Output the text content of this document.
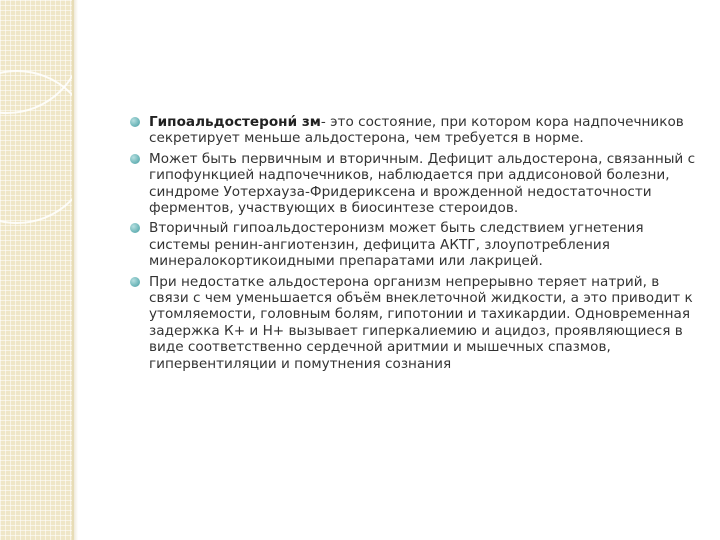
Гипоальдостерони́ зм- это состояние, при котором кора надпочечников секретирует меньше альдостерона, чем требуется в норме.
Может быть первичным и вторичным. Дефицит альдостерона, связанный с гипофункцией надпочечников, наблюдается при аддисоновой болезни, синдроме Уотерхауза-Фридериксена и врожденной недостаточности ферментов, участвующих в биосинтезе стероидов.
Вторичный гипоальдостеронизм может быть следствием угнетения системы ренин-ангиотензин, дефицита АКТГ, злоупотребления минералокортикоидными препаратами или лакрицей.
При недостатке альдостерона организм непрерывно теряет натрий, в связи с чем уменьшается объём внеклеточной жидкости, а это приводит к утомляемости, головным болям, гипотонии и тахикардии. Одновременная задержка К+ и Н+ вызывает гиперкалиемию и ацидоз, проявляющиеся в виде соответственно сердечной аритмии и мышечных спазмов, гипервентиляции и помутнения сознания
